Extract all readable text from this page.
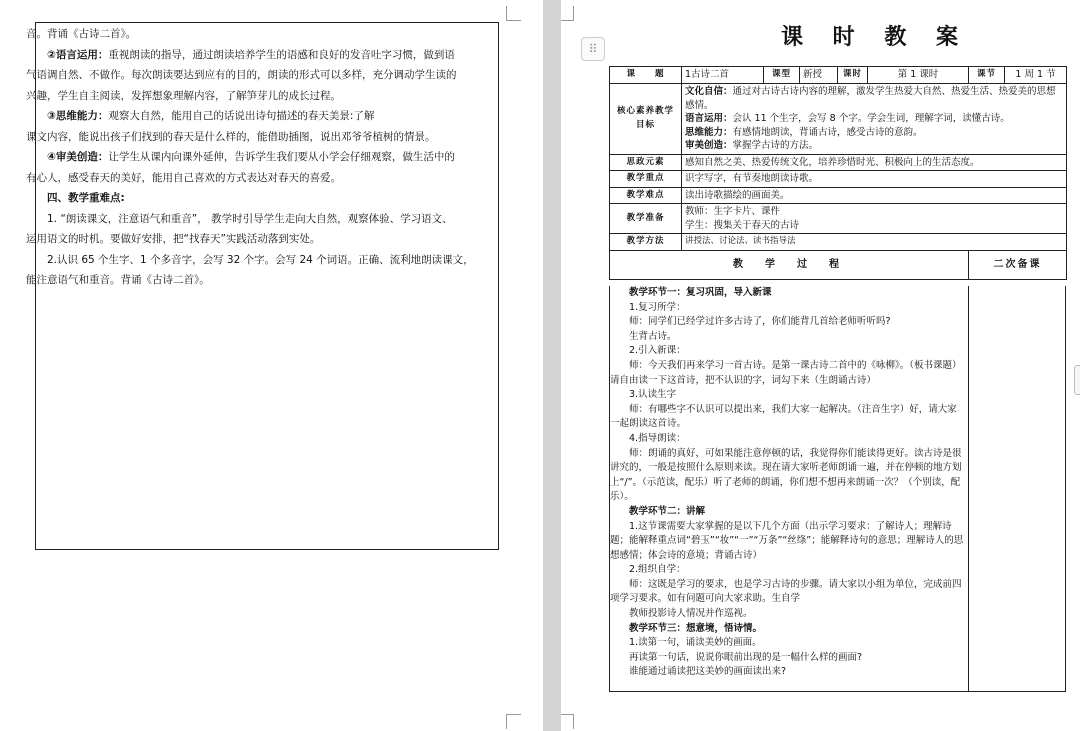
音。背诵《古诗二首》。

②语言运用：重视朗读的指导，通过朗读培养学生的语感和良好的发音吐字习惯，做到语

气语调自然、不做作。每次朗读要达到应有的目的，朗读的形式可以多样，充分调动学生读的

兴趣，学生自主阅读，发挥想象理解内容，了解笋芽儿的成长过程。

③思维能力：观察大自然，能用自己的话说出诗句描述的春天美景:了解

课文内容，能说出孩子们找到的春天是什么样的，能借助插图，说出邓爷爷植树的情景。

④审美创造：让学生从课内向课外延伸，告诉学生我们要从小学会仔细观察，做生活中的

有心人，感受春天的美好，能用自己喜欢的方式表达对春天的喜爱。

四、教学重难点:

1. “朗读课文，注意语气和重音”， 教学时引导学生走向大自然，观察体验、学习语文、

运用语文的时机。要做好安排，把“找春天”实践活动落到实处。

2.认识 65 个生字、1 个多音字，会写 32 个字。会写 24 个词语。正确、流利地朗读课文，

能注意语气和重音。背诵《古诗二首》。

⠿	课 时 教 案
课　　题	1古诗二首	课型	新授	课时	第 1 课时	课节	1 周 1 节
核心素养教学目标	文化自信：通过对古诗古诗内容的理解，激发学生热爱大自然、热爱生活、热爱美的思想感情。
语言运用：会认 11 个生字，会写 8 个字。学会生词，理解字词，读懂古诗。
思维能力：有感情地朗读，背诵古诗，感受古诗的意韵。
审美创造：掌握学古诗的方法。						

思政元素	感知自然之美、热爱传统文化，培养珍惜时光、积极向上的生活态度。						
教学重点	识字写字，有节奏地朗读诗歌。						
教学难点	读出诗歌描绘的画面美。						
教学准备	教师：生字卡片、课件
学生：搜集关于春天的古诗						
教学方法	讲授法、讨论法、读书指导法						
教　学　过　程						二次备课	

教学环节一：复习巩固，导入新课

1.复习所学：

师：同学们已经学过许多古诗了，你们能背几首给老师听听吗?

生背古诗。

2.引入新课：

师：今天我们再来学习一首古诗。是第一课古诗二首中的《咏柳》。（板书课题）请自由读一下这首诗，把不认识的字，词勾下来（生朗诵古诗）

3.认读生字

师：有哪些字不认识可以提出来，我们大家一起解决。（注音生字）好，请大家一起朗读这首诗。

4.指导朗读：

师：朗诵的真好，可如果能注意停顿的话，我觉得你们能读得更好。读古诗是很讲究的，一般是按照什么原则来读。现在请大家听老师朗诵一遍，并在停顿的地方划上“/”。（示范读，配乐）听了老师的朗诵，你们想不想再来朗诵一次？（个别读，配乐）。

教学环节二：讲解

1.这节课需要大家掌握的是以下几个方面（出示学习要求：了解诗人；理解诗题；能解释重点词“碧玉”“妆”“一”“万条”“丝绦”；能解释诗句的意思；理解诗人的思想感情；体会诗的意境；背诵古诗）

2.组织自学：

师：这既是学习的要求，也是学习古诗的步骤。请大家以小组为单位，完成前四项学习要求。如有问题可向大家求助。生自学

教师投影诗人情况并作巡视。

教学环节三：想意境，悟诗情。

1.读第一句，诵读美妙的画面。

再读第一句话，说说你眼前出现的是一幅什么样的画面?

谁能通过诵读把这美妙的画面读出来?
